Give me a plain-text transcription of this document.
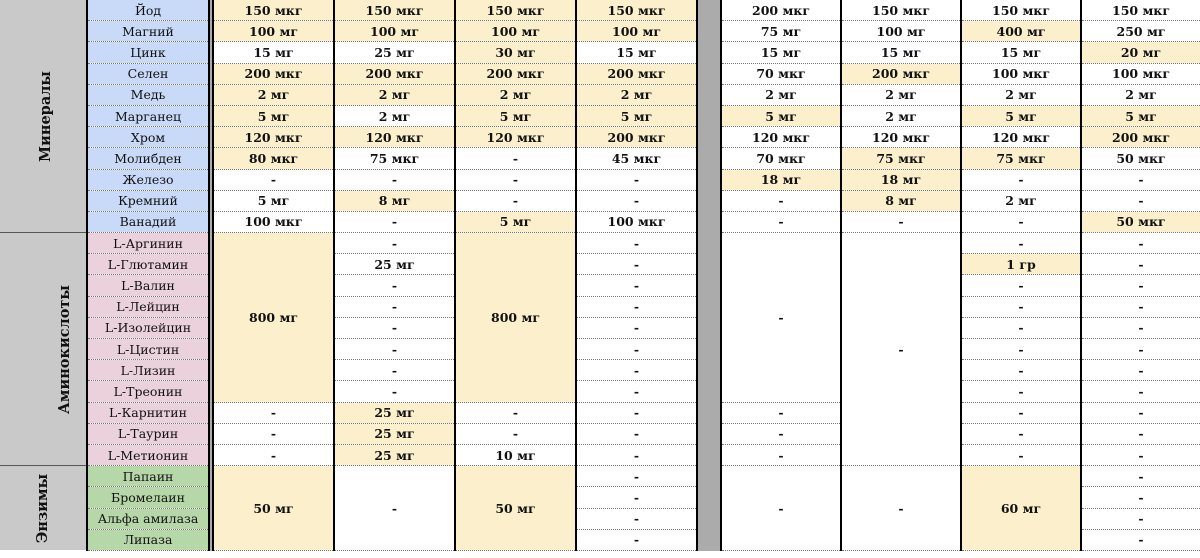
Минералы	Йод		150 мкг	150 мкг	150 мкг	150 мкг		200 мкг	150 мкг	150 мкг	150 мкг
	Магний		100 мг	100 мг	100 мг	100 мг		75 мг	100 мг	400 мг	250 мг
	Цинк		15 мг	25 мг	30 мг	15 мг		15 мг	15 мг	15 мг	20 мг
	Селен		200 мкг	200 мкг	200 мкг	200 мкг		70 мкг	200 мкг	100 мкг	100 мкг
	Медь		2 мг	2 мг	2 мг	2 мг		2 мг	2 мг	2 мг	2 мг
	Марганец		5 мг	2 мг	5 мг	5 мг		5 мг	2 мг	5 мг	5 мг
	Хром		120 мкг	120 мкг	120 мкг	200 мкг		120 мкг	120 мкг	120 мкг	200 мкг
	Молибден		80 мкг	75 мкг	-	45 мкг		70 мкг	75 мкг	75 мкг	50 мкг
	Железо		-	-	-	-		18 мг	18 мг	-	-
	Кремний		5 мг	8 мг	-	-		-	8 мг	2 мг	-
	Ванадий		100 мкг	-	5 мг	100 мкг		-	-	-	50 мкг
Аминокислоты	L-Аргинин		800 мг	-	800 мг	-		-	-	-	-
	L-Глютамин			25 мг		-				1 гр	-
	L-Валин			-		-				-	-
	L-Лейцин			-		-				-	-
	L-Изолейцин			-		-				-	-
	L-Цистин			-		-				-	-
	L-Лизин			-		-				-	-
	L-Треонин			-		-				-	-
	L-Карнитин		-	25 мг	-	-		-		-	-
	L-Таурин		-	25 мг	-	-		-		-	-
	L-Метионин		-	25 мг	10 мг	-		-		-	-
Энзимы	Папаин		50 мг	-	50 мг	-		-	-	60 мг	-
	Бромелаин					-					-
	Альфа амилаза					-					-
	Липаза					-					-
